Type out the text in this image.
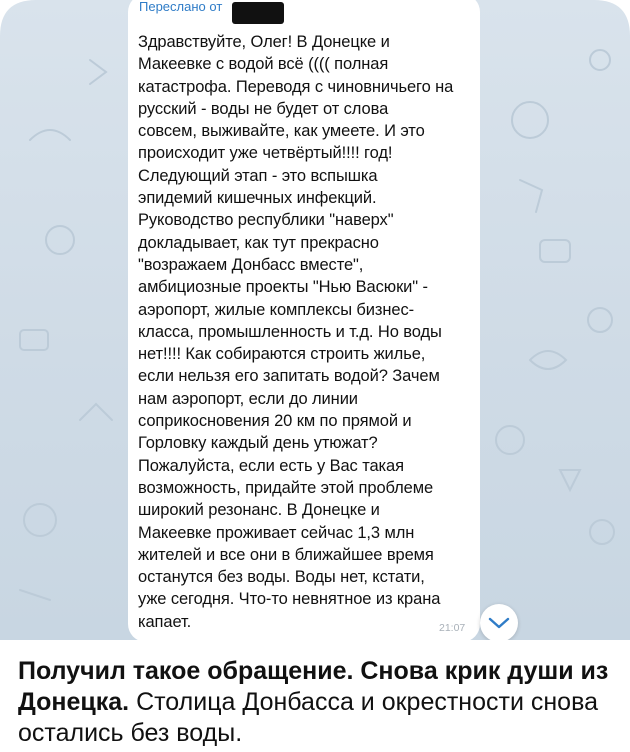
Переслано от

Здравствуйте, Олег! В Донецке и
Макеевке с водой всё (((( полная
катастрофа. Переводя с чиновничьего на
русский - воды не будет от слова
совсем, выживайте, как умеете. И это
происходит уже четвёртый!!!! год!
Следующий этап - это вспышка
эпидемий кишечных инфекций.
Руководство республики "наверх"
докладывает, как тут прекрасно
"возражаем Донбасс вместе",
амбициозные проекты "Нью Васюки" -
аэропорт, жилые комплексы бизнес-
класса, промышленность и т.д. Но воды
нет!!!! Как собираются строить жилье,
если нельзя его запитать водой? Зачем
нам аэропорт, если до линии
соприкосновения 20 км по прямой и
Горловку каждый день утюжат?
Пожалуйста, если есть у Вас такая
возможность, придайте этой проблеме
широкий резонанс. В Донецке и
Макеевке проживает сейчас 1,3 млн
жителей и все они в ближайшее время
останутся без воды. Воды нет, кстати,
уже сегодня. Что-то невнятное из крана
капает.	21:07

Получил такое обращение. Снова крик души из Донецка. Столица Донбасса и окрестности снова остались без воды.
